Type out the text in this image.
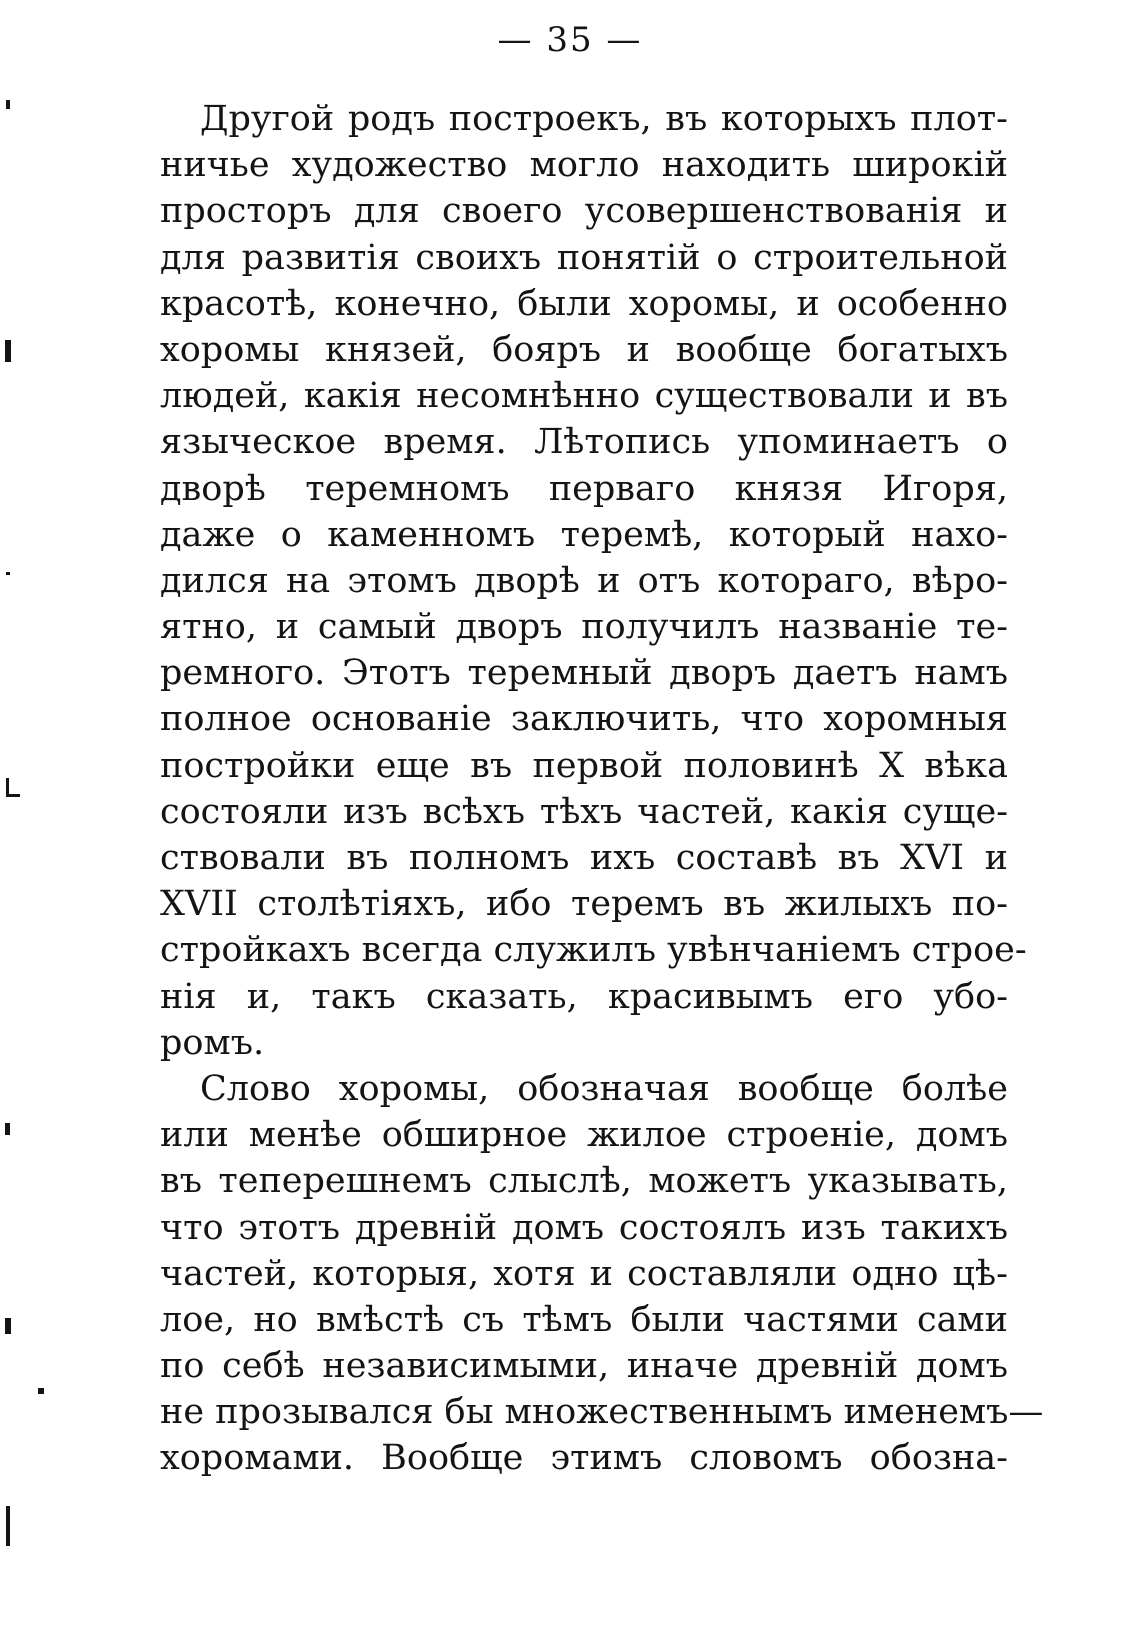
— 35 —
Другой родъ построекъ, въ которыхъ плот-
ничье художество могло находить широкій
просторъ для своего усовершенствованія и
для развитія своихъ понятій о строительной
красотѣ, конечно, были хоромы, и особенно
хоромы князей, бояръ и вообще богатыхъ
людей, какія несомнѣнно существовали и въ
языческое время. Лѣтопись упоминаетъ о
дворѣ теремномъ перваго князя Игоря,
даже о каменномъ теремѣ, который нахо-
дился на этомъ дворѣ и отъ котораго, вѣро-
ятно, и самый дворъ получилъ названіе те-
ремного. Этотъ теремный дворъ даетъ намъ
полное основаніе заключить, что хоромныя
постройки еще въ первой половинѣ X вѣка
состояли изъ всѣхъ тѣхъ частей, какія суще-
ствовали въ полномъ ихъ составѣ въ XVI и
XVII столѣтіяхъ, ибо теремъ въ жилыхъ по-
стройкахъ всегда служилъ увѣнчаніемъ строе-
нія и, такъ сказать, красивымъ его убо-
ромъ.
Слово хоромы, обозначая вообще болѣе
или менѣе обширное жилое строеніе, домъ
въ теперешнемъ слыслѣ, можетъ указывать,
что этотъ древній домъ состоялъ изъ такихъ
частей, которыя, хотя и составляли одно цѣ-
лое, но вмѣстѣ съ тѣмъ были частями сами
по себѣ независимыми, иначе древній домъ
не прозывался бы множественнымъ именемъ—
хоромами. Вообще этимъ словомъ обозна-
